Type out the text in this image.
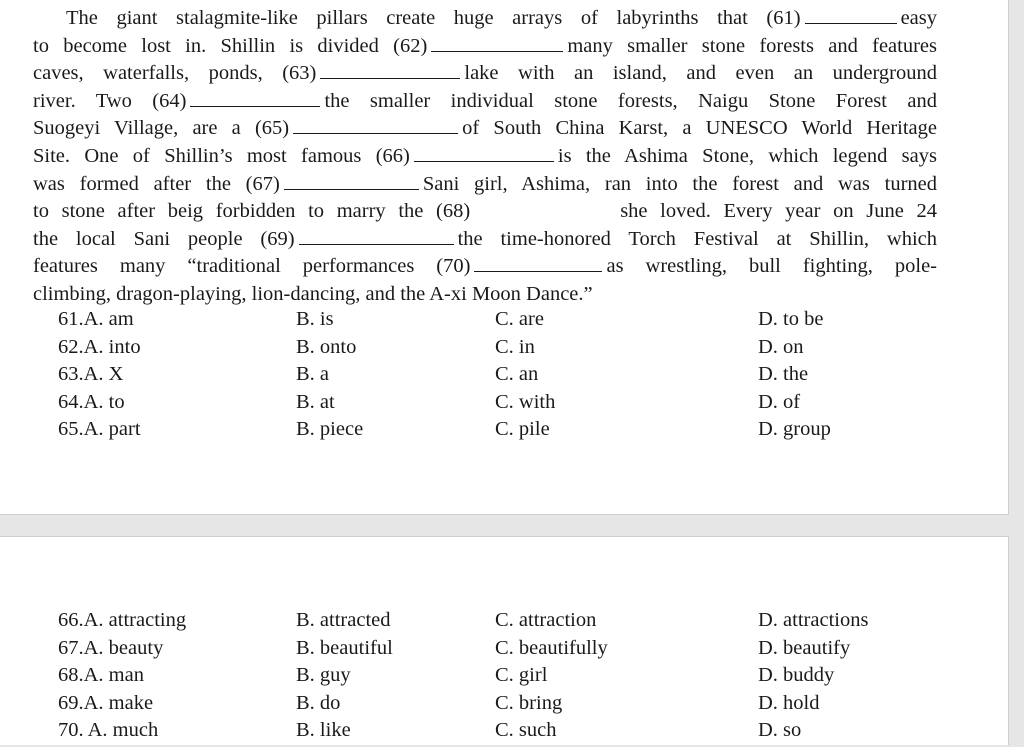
The giant stalagmite-like pillars create huge arrays of labyrinths that (61)	easy
to become lost in. Shillin is divided (62)	many smaller stone forests and features
caves, waterfalls, ponds, (63)	lake with an island, and even an underground
river. Two (64)	the smaller individual stone forests, Naigu Stone Forest and
Suogeyi Village, are a (65)	of South China Karst, a UNESCO World Heritage
Site. One of Shillin’s most famous (66)	is the Ashima Stone, which legend says
was formed after the (67)	Sani girl, Ashima, ran into the forest and was turned
to stone after beig forbidden to marry the (68)	she loved. Every year on June 24
the local Sani people (69)	the time-honored Torch Festival at Shillin, which
features many “traditional performances (70)	as wrestling, bull fighting, pole-
climbing, dragon-playing, lion-dancing, and the A-xi Moon Dance.”
61.A. am	B. is	C. are	D. to be
62.A. into	B. onto	C. in	D. on
63.A. X	B. a	C. an	D. the
64.A. to	B. at	C. with	D. of
65.A. part	B. piece	C. pile	D. group
66.A. attracting	B. attracted	C. attraction	D. attractions
67.A. beauty	B. beautiful	C. beautifully	D. beautify
68.A. man	B. guy	C. girl	D. buddy
69.A. make	B. do	C. bring	D. hold
70. A. much	B. like	C. such	D. so
